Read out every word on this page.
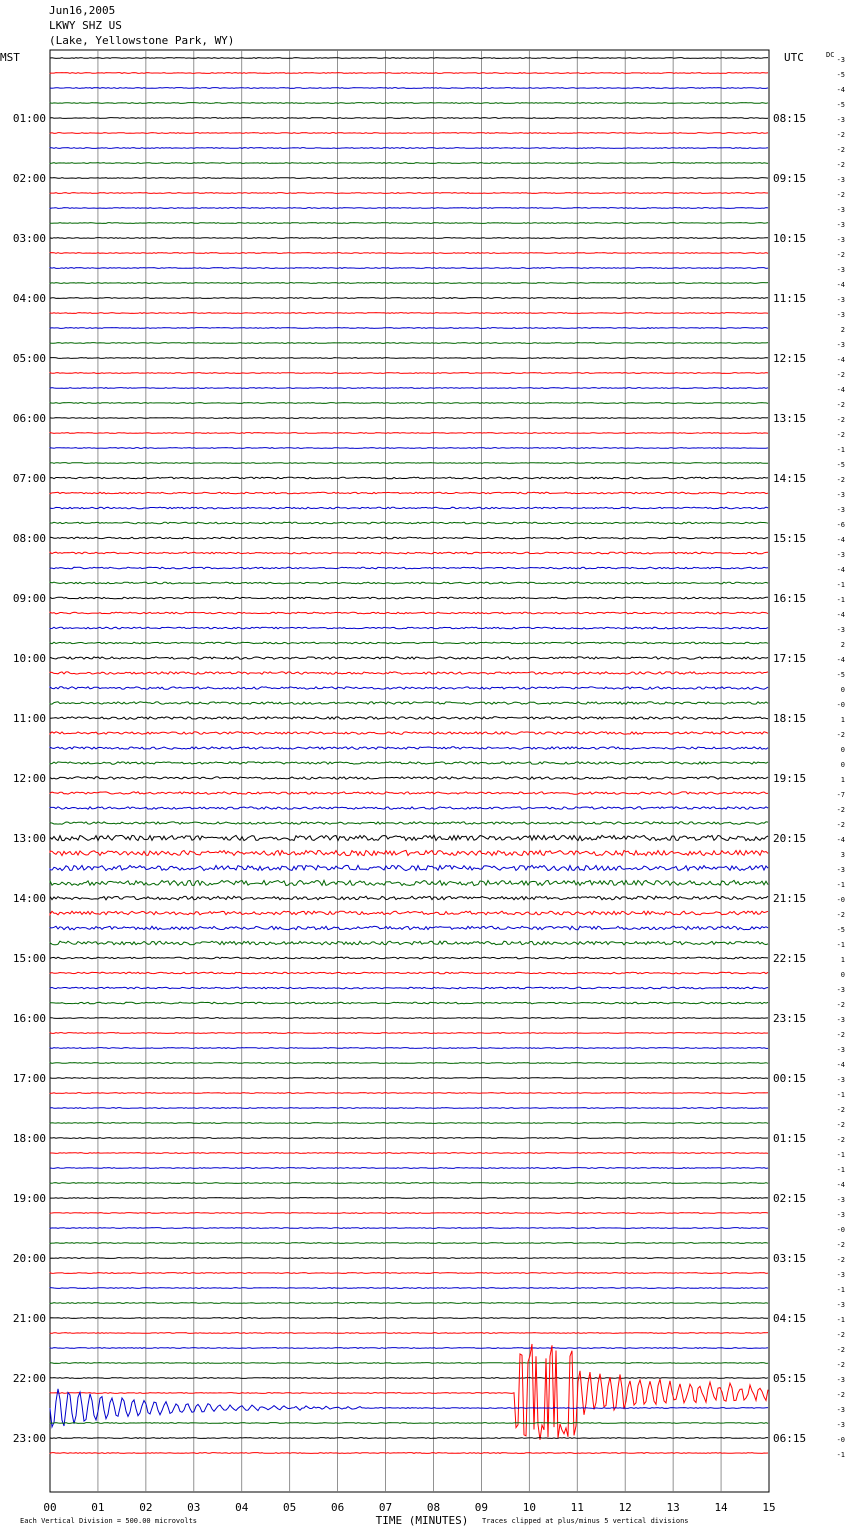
Jun16,2005
LKWY SHZ US
(Lake, Yellowstone Park, WY)
01:00	08:15
02:00	09:15
03:00	10:15
04:00	11:15
05:00	12:15
06:00	13:15
07:00	14:15
08:00	15:15
09:00	16:15
10:00	17:15
11:00	18:15
12:00	19:15
13:00	20:15
14:00	21:15
15:00	22:15
16:00	23:15
17:00	00:15
18:00	01:15
19:00	02:15
20:00	03:15
21:00	04:15
22:00	05:15
23:00	06:15
MST	UTC	DC
-3
-5
-4
-5
-3
-2
-2
-2
-3
-2
-3
-3
-3
-2
-3
-4
-3
-3
2
-3
-4
-2
-4
-2
-2
-2
-1
-5
-2
-3
-3
-6
-4
-3
-4
-1
-1
-4
-3
2
-4
-5
0
-0
1
-2
0
0
1
-7
-2
-2
-4
3
-3
-1
-0
-2
-5
-1
1
0
-3
-2
-3
-2
-3
-4
-3
-1
-2
-2
-2
-1
-1
-4
-3
-3
-0
-2
-2
-3
-1
-3
-1
-2
-2
-2
-3
-2
-3
-3
-0
-1
00	01	02	03	04	05	06	07	08	09	10	11	12	13	14	15
TIME (MINUTES)
Each Vertical Division = 500.00 microvolts	Traces clipped at plus/minus 5 vertical divisions
